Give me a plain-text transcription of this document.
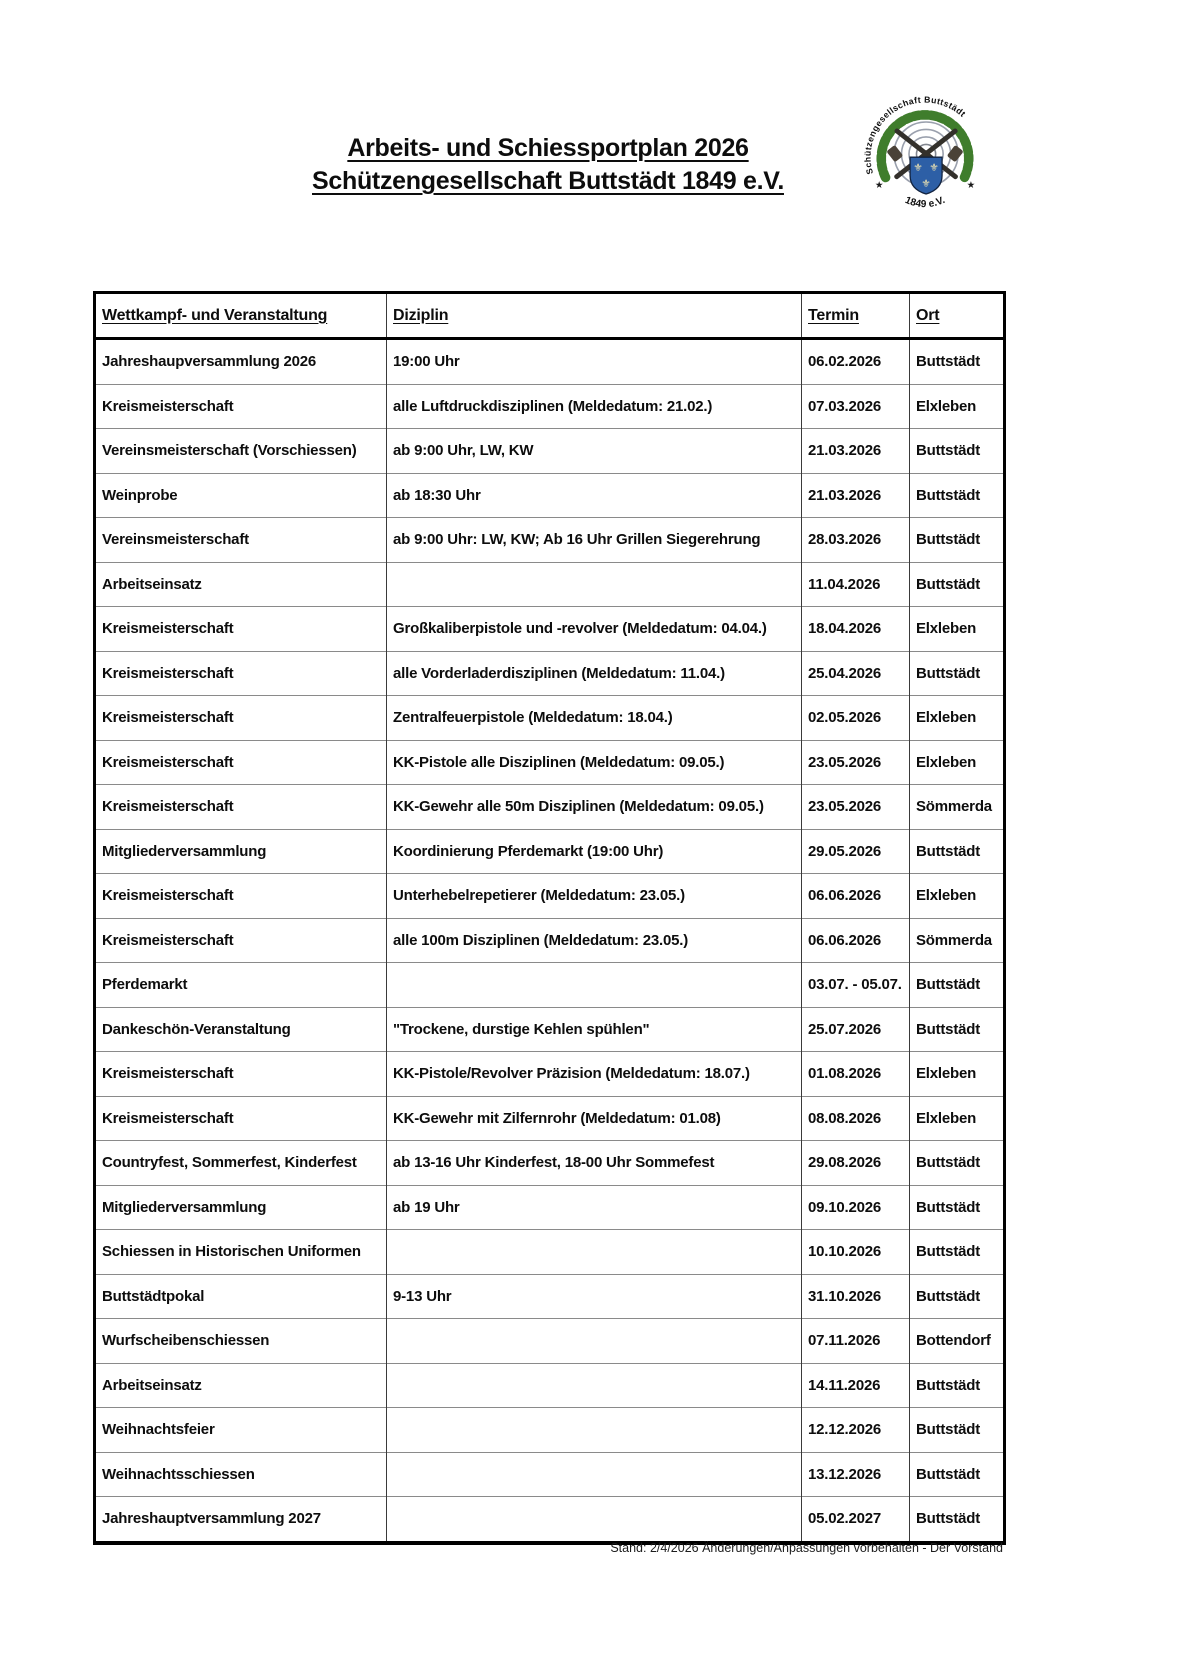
Arbeits- und Schiessportplan 2026
Schützengesellschaft Buttstädt 1849 e.V.	⚜ ⚜
⚜
★	★
Schützengesellschaft Buttstädt
1849 e.V.
Wettkampf- und Veranstaltung	Diziplin	Termin	Ort
Jahreshaupversammlung 2026	19:00 Uhr	06.02.2026	Buttstädt
Kreismeisterschaft	alle Luftdruckdisziplinen (Meldedatum: 21.02.)	07.03.2026	Elxleben
Vereinsmeisterschaft (Vorschiessen)	ab 9:00 Uhr, LW, KW	21.03.2026	Buttstädt
Weinprobe	ab 18:30 Uhr	21.03.2026	Buttstädt
Vereinsmeisterschaft	ab 9:00 Uhr: LW, KW; Ab 16 Uhr Grillen Siegerehrung	28.03.2026	Buttstädt
Arbeitseinsatz		11.04.2026	Buttstädt
Kreismeisterschaft	Großkaliberpistole und -revolver (Meldedatum: 04.04.)	18.04.2026	Elxleben
Kreismeisterschaft	alle Vorderladerdisziplinen (Meldedatum: 11.04.)	25.04.2026	Buttstädt
Kreismeisterschaft	Zentralfeuerpistole (Meldedatum: 18.04.)	02.05.2026	Elxleben
Kreismeisterschaft	KK-Pistole alle Disziplinen (Meldedatum: 09.05.)	23.05.2026	Elxleben
Kreismeisterschaft	KK-Gewehr alle 50m Disziplinen (Meldedatum: 09.05.)	23.05.2026	Sömmerda
Mitgliederversammlung	Koordinierung Pferdemarkt (19:00 Uhr)	29.05.2026	Buttstädt
Kreismeisterschaft	Unterhebelrepetierer (Meldedatum: 23.05.)	06.06.2026	Elxleben
Kreismeisterschaft	alle 100m Disziplinen (Meldedatum: 23.05.)	06.06.2026	Sömmerda
Pferdemarkt		03.07. - 05.07.	Buttstädt
Dankeschön-Veranstaltung	"Trockene, durstige Kehlen spühlen"	25.07.2026	Buttstädt
Kreismeisterschaft	KK-Pistole/Revolver Präzision (Meldedatum: 18.07.)	01.08.2026	Elxleben
Kreismeisterschaft	KK-Gewehr mit Zilfernrohr (Meldedatum: 01.08)	08.08.2026	Elxleben
Countryfest, Sommerfest, Kinderfest	ab 13-16 Uhr Kinderfest, 18-00 Uhr Sommefest	29.08.2026	Buttstädt
Mitgliederversammlung	ab 19 Uhr	09.10.2026	Buttstädt
Schiessen in Historischen Uniformen		10.10.2026	Buttstädt
Buttstädtpokal	9-13 Uhr	31.10.2026	Buttstädt
Wurfscheibenschiessen		07.11.2026	Bottendorf
Arbeitseinsatz		14.11.2026	Buttstädt
Weihnachtsfeier		12.12.2026	Buttstädt
Weihnachtsschiessen		13.12.2026	Buttstädt
Jahreshauptversammlung 2027		05.02.2027	Buttstädt
Stand: 2/4/2026 Änderungen/Anpassungen vorbehalten - Der Vorstand
